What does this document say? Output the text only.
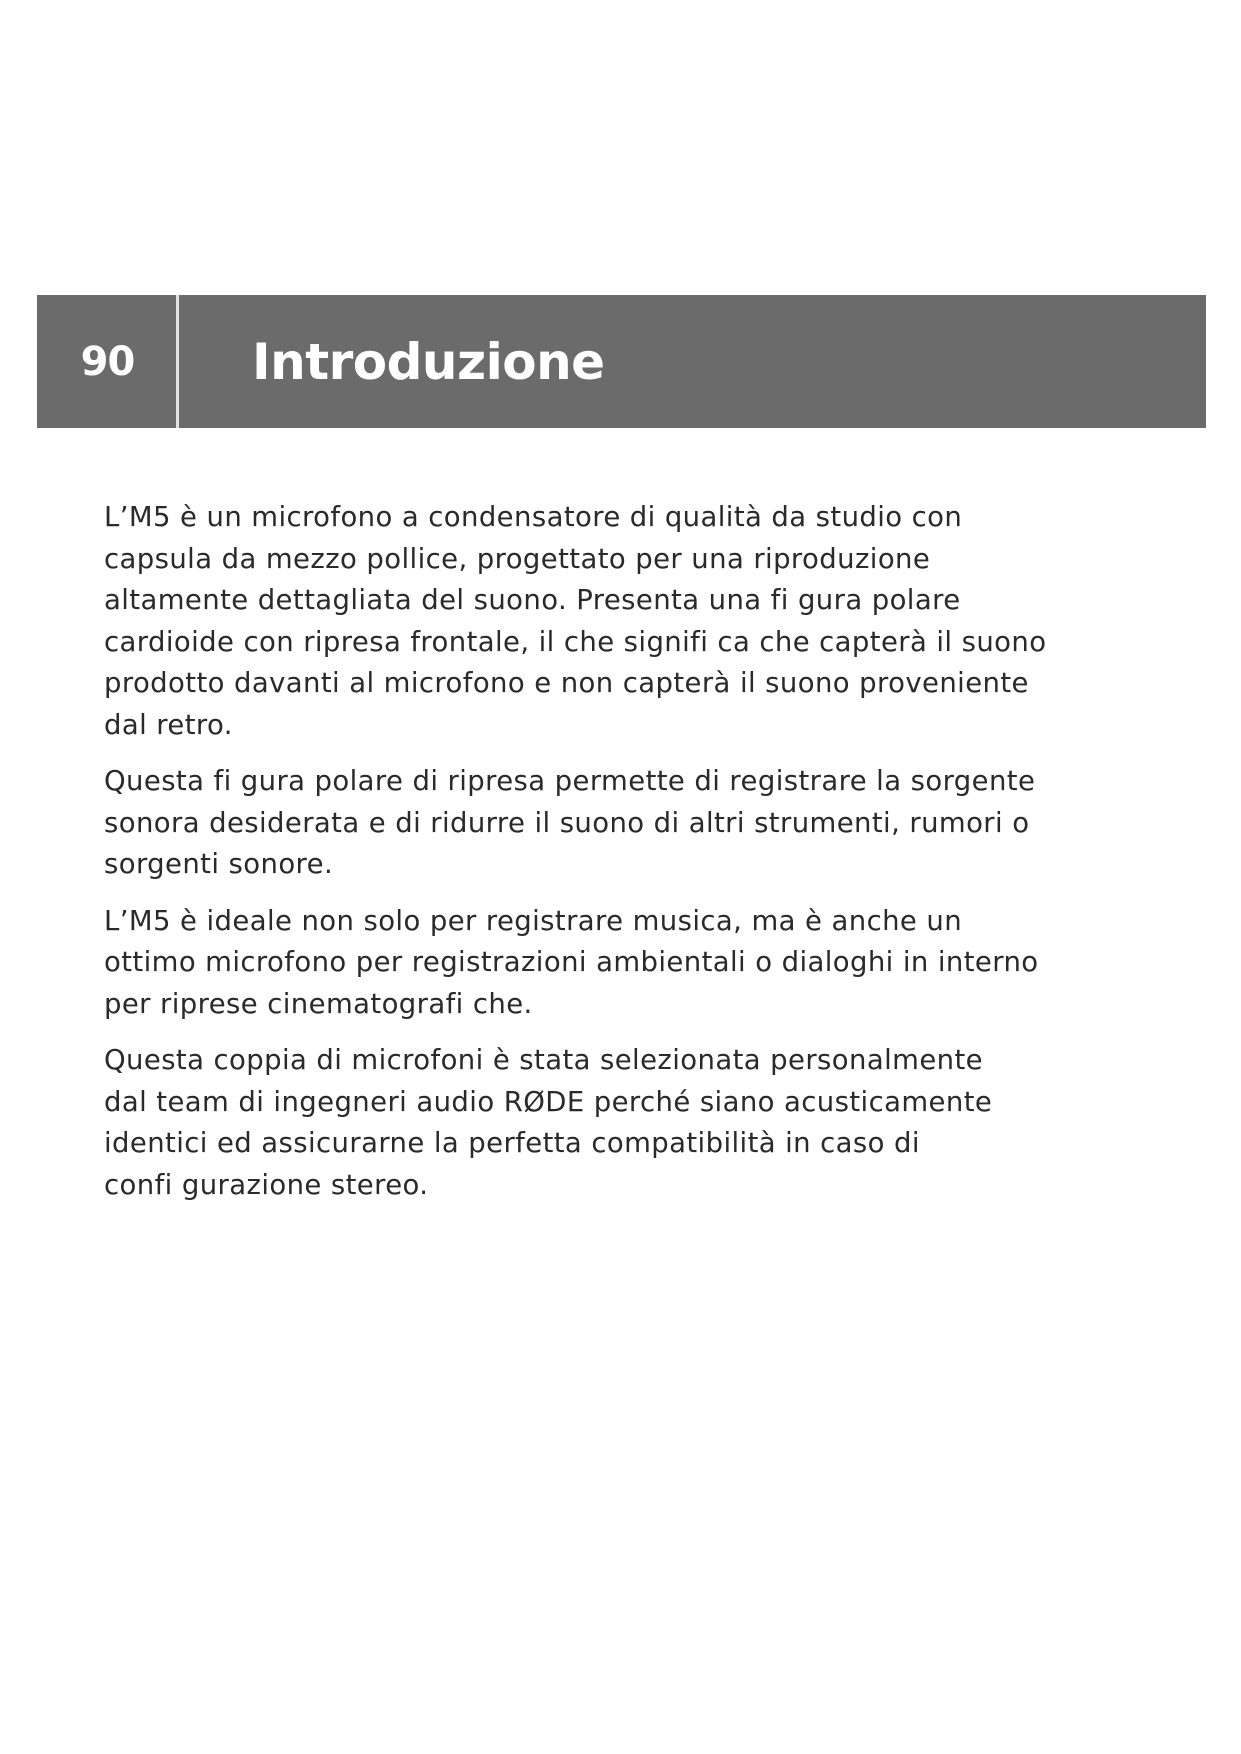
90	Introduzione

L’M5 è un microfono a condensatore di qualità da studio con
capsula da mezzo pollice, progettato per una riproduzione
altamente dettagliata del suono. Presenta una fi gura polare
cardioide con ripresa frontale, il che signifi ca che capterà il suono
prodotto davanti al microfono e non capterà il suono proveniente
dal retro.

Questa fi gura polare di ripresa permette di registrare la sorgente
sonora desiderata e di ridurre il suono di altri strumenti, rumori o
sorgenti sonore.

L’M5 è ideale non solo per registrare musica, ma è anche un
ottimo microfono per registrazioni ambientali o dialoghi in interno
per riprese cinematografi che.

Questa coppia di microfoni è stata selezionata personalmente
dal team di ingegneri audio RØDE perché siano acusticamente
identici ed assicurarne la perfetta compatibilità in caso di
confi gurazione stereo.
